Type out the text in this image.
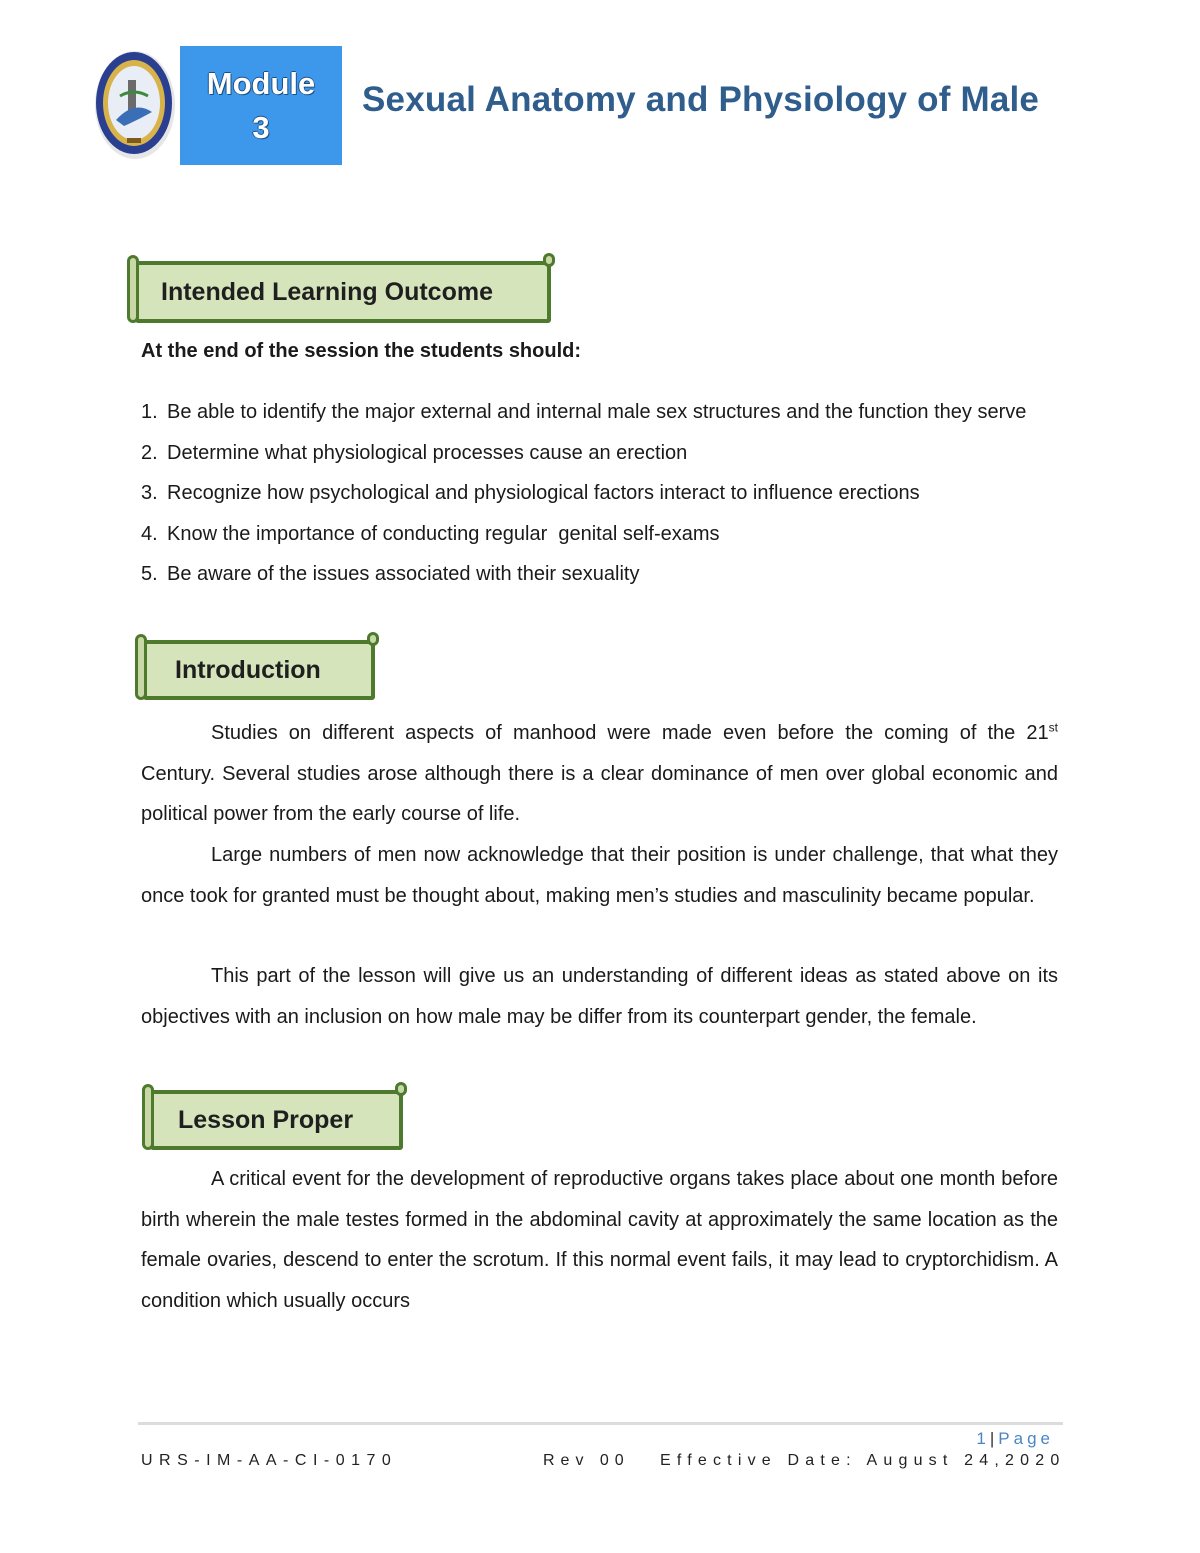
Module
3
Sexual Anatomy and Physiology of Male
Intended Learning Outcome
At the end of the session the students should:
1. Be able to identify the major external and internal male sex structures and the function they serve
2. Determine what physiological processes cause an erection
3. Recognize how psychological and physiological factors interact to influence erections
4. Know the importance of conducting regular  genital self-exams
5. Be aware of the issues associated with their sexuality
Introduction

Studies on different aspects of manhood were made even before the coming of the 21st Century. Several studies arose although there is a clear dominance of men over global economic and political power from the early course of life.

Large numbers of men now acknowledge that their position is under challenge, that what they once took for granted must be thought about, making men’s studies and masculinity became popular.

This part of the lesson will give us an understanding of different ideas as stated above on its objectives with an inclusion on how male may be differ from its counterpart gender, the female.

Lesson Proper

A critical event for the development of reproductive organs takes place about one month before birth wherein the male testes formed in the abdominal cavity at approximately the same location as the female ovaries, descend to enter the scrotum. If this normal event fails, it may lead to cryptorchidism. A condition which usually occurs

1|Page
URS-IM-AA-CI-0170	Rev 00 Effective Date: August 24,2020
